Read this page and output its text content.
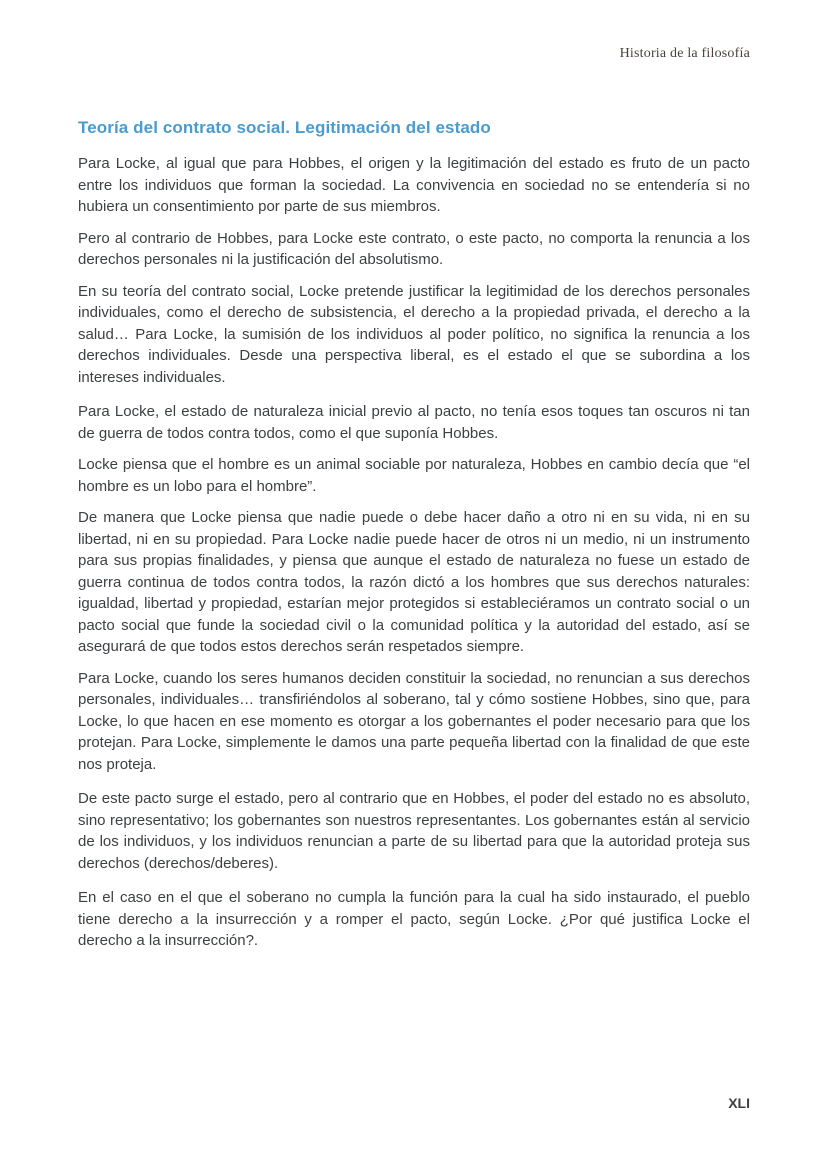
Historia de la filosofía
Teoría del contrato social. Legitimación del estado

Para Locke, al igual que para Hobbes, el origen y la legitimación del estado es fruto de un pacto entre los individuos que forman la sociedad. La convivencia en sociedad no se entendería si no hubiera un consentimiento por parte de sus miembros.

Pero al contrario de Hobbes, para Locke este contrato, o este pacto, no comporta la renuncia a los derechos personales ni la justificación del absolutismo.

En su teoría del contrato social, Locke pretende justificar la legitimidad de los derechos personales individuales, como el derecho de subsistencia, el derecho a la propiedad privada, el derecho a la salud… Para Locke, la sumisión de los individuos al poder político, no significa la renuncia a los derechos individuales. Desde una perspectiva liberal, es el estado el que se subordina a los intereses individuales.

Para Locke, el estado de naturaleza inicial previo al pacto, no tenía esos toques tan oscuros ni tan de guerra de todos contra todos, como el que suponía Hobbes.

Locke piensa que el hombre es un animal sociable por naturaleza, Hobbes en cambio decía que “el hombre es un lobo para el hombre”.

De manera que Locke piensa que nadie puede o debe hacer daño a otro ni en su vida, ni en su libertad, ni en su propiedad. Para Locke nadie puede hacer de otros ni un medio, ni un instrumento para sus propias finalidades, y piensa que aunque el estado de naturaleza no fuese un estado de guerra continua de todos contra todos, la razón dictó a los hombres que sus derechos naturales: igualdad, libertad y propiedad, estarían mejor protegidos si estableciéramos un contrato social o un pacto social que funde la sociedad civil o la comunidad política y la autoridad del estado, así se asegurará de que todos estos derechos serán respetados siempre.

Para Locke, cuando los seres humanos deciden constituir la sociedad, no renuncian a sus derechos personales, individuales… transfiriéndolos al soberano, tal y cómo sostiene Hobbes, sino que, para Locke, lo que hacen en ese momento es otorgar a los gobernantes el poder necesario para que los protejan. Para Locke, simplemente le damos una parte pequeña libertad con la finalidad de que este nos proteja.

De este pacto surge el estado, pero al contrario que en Hobbes, el poder del estado no es absoluto, sino representativo; los gobernantes son nuestros representantes. Los gobernantes están al servicio de los individuos, y los individuos renuncian a parte de su libertad para que la autoridad proteja sus derechos (derechos/deberes).

En el caso en el que el soberano no cumpla la función para la cual ha sido instaurado, el pueblo tiene derecho a la insurrección y a romper el pacto, según Locke. ¿Por qué justifica Locke el derecho a la insurrección?.

XLI
